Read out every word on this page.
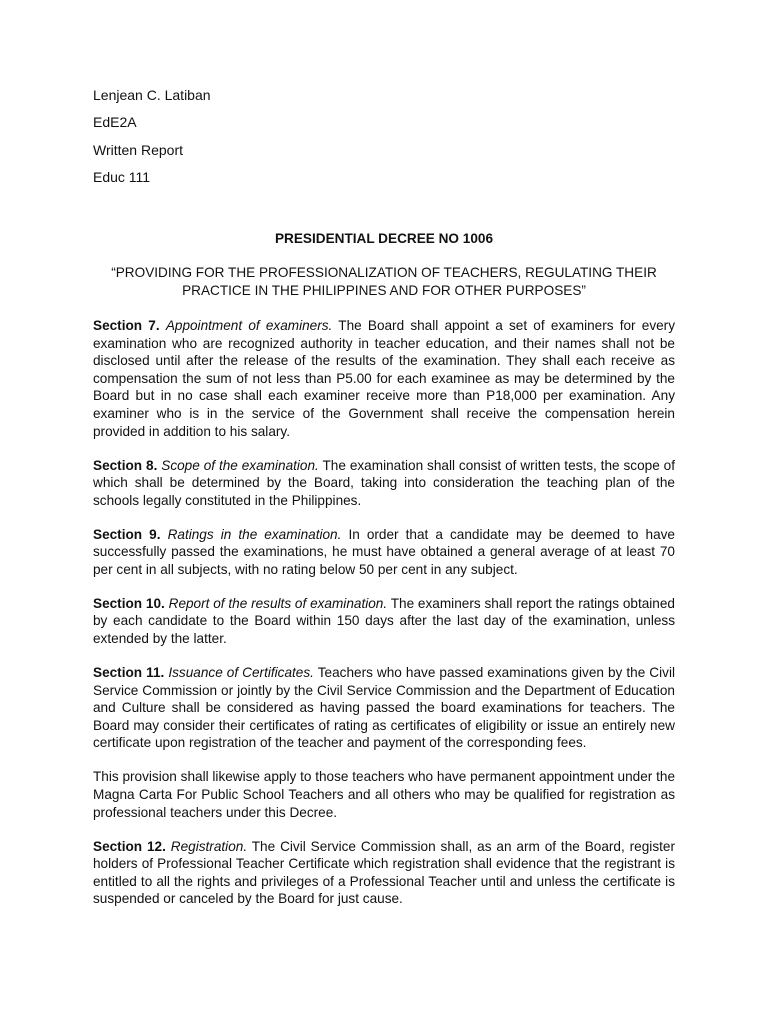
Lenjean C. Latiban
EdE2A
Written Report
Educ 111
PRESIDENTIAL DECREE NO 1006
“PROVIDING FOR THE PROFESSIONALIZATION OF TEACHERS, REGULATING THEIR PRACTICE IN THE PHILIPPINES AND FOR OTHER PURPOSES”

Section 7. Appointment of examiners. The Board shall appoint a set of examiners for every examination who are recognized authority in teacher education, and their names shall not be disclosed until after the release of the results of the examination. They shall each receive as compensation the sum of not less than P5.00 for each examinee as may be determined by the Board but in no case shall each examiner receive more than P18,000 per examination. Any examiner who is in the service of the Government shall receive the compensation herein provided in addition to his salary.

Section 8. Scope of the examination. The examination shall consist of written tests, the scope of which shall be determined by the Board, taking into consideration the teaching plan of the schools legally constituted in the Philippines.

Section 9. Ratings in the examination. In order that a candidate may be deemed to have successfully passed the examinations, he must have obtained a general average of at least 70 per cent in all subjects, with no rating below 50 per cent in any subject.

Section 10. Report of the results of examination. The examiners shall report the ratings obtained by each candidate to the Board within 150 days after the last day of the examination, unless extended by the latter.

Section 11. Issuance of Certificates. Teachers who have passed examinations given by the Civil Service Commission or jointly by the Civil Service Commission and the Department of Education and Culture shall be considered as having passed the board examinations for teachers. The Board may consider their certificates of rating as certificates of eligibility or issue an entirely new certificate upon registration of the teacher and payment of the corresponding fees.

This provision shall likewise apply to those teachers who have permanent appointment under the Magna Carta For Public School Teachers and all others who may be qualified for registration as professional teachers under this Decree.

Section 12. Registration. The Civil Service Commission shall, as an arm of the Board, register holders of Professional Teacher Certificate which registration shall evidence that the registrant is entitled to all the rights and privileges of a Professional Teacher until and unless the certificate is suspended or canceled by the Board for just cause.
